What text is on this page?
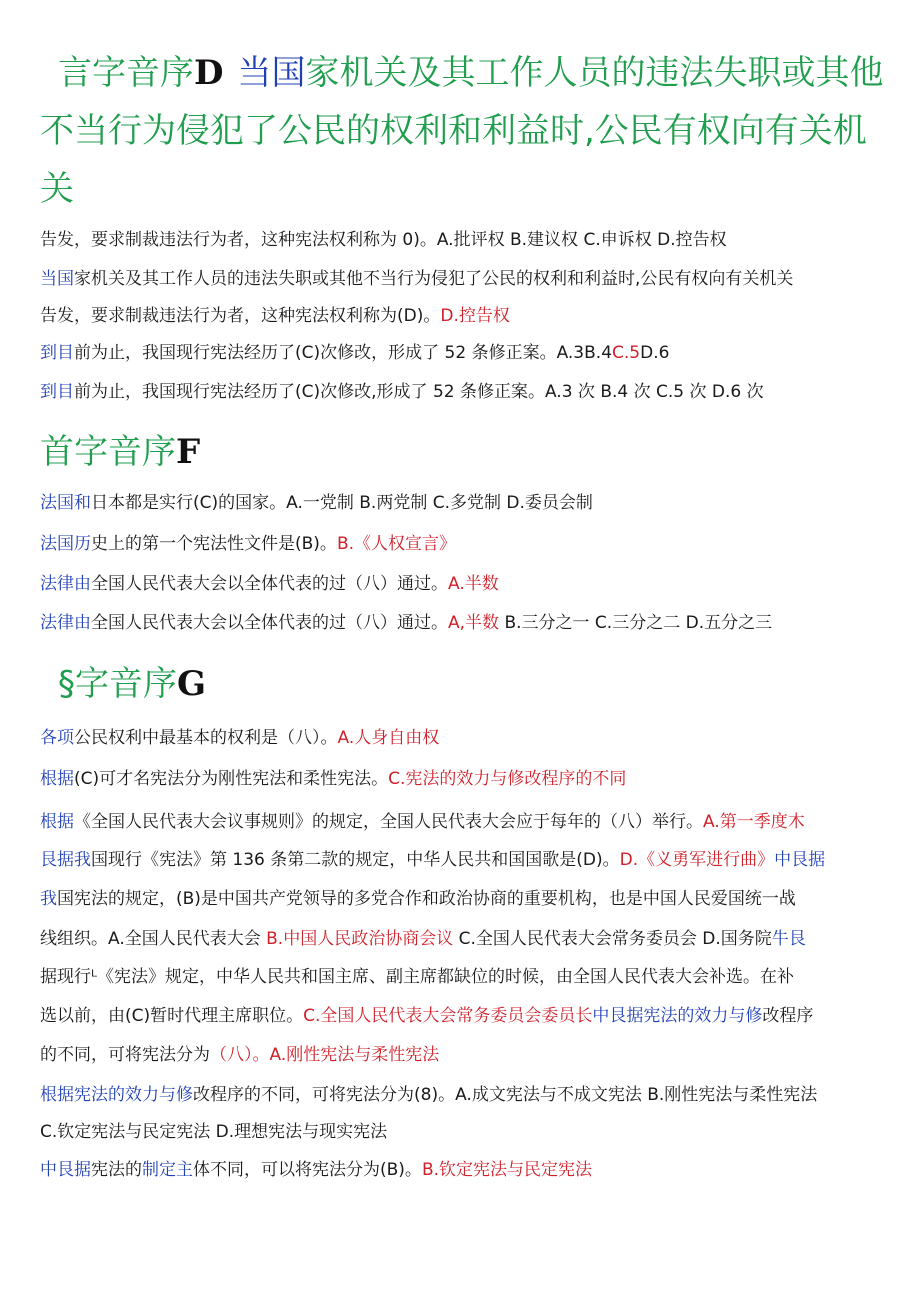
言字音序D 当国家机关及其工作人员的违法失职或其他不当行为侵犯了公民的权利和利益时,公民有权向有关机关
告发，要求制裁违法行为者，这种宪法权利称为 0)。A.批评权 B.建议权 C.申诉权 D.控告权
当国家机关及其工作人员的违法失职或其他不当行为侵犯了公民的权利和利益时,公民有权向有关机关
告发，要求制裁违法行为者，这种宪法权利称为(D)。D.控告权
到目前为止，我国现行宪法经历了(C)次修改，形成了 52 条修正案。A.3B.4C.5D.6
到目前为止，我国现行宪法经历了(C)次修改,形成了 52 条修正案。A.3 次 B.4 次 C.5 次 D.6 次
首字音序F
法国和日本都是实行(C)的国家。A.一党制 B.两党制 C.多党制 D.委员会制
法国历史上的第一个宪法性文件是(B)。B.《人权宣言》
法律由全国人民代表大会以全体代表的过（八）通过。A.半数
法律由全国人民代表大会以全体代表的过（八）通过。A,半数 B.三分之一 C.三分之二 D.五分之三
§字音序G
各项公民权利中最基本的权利是（八）。A.人身自由权
根据(C)可才名宪法分为刚性宪法和柔性宪法。C.宪法的效力与修改程序的不同
根据《全国人民代表大会议事规则》的规定，全国人民代表大会应于每年的（八）举行。A.第一季度木
艮据我国现行《宪法》第 136 条第二款的规定，中华人民共和国国歌是(D)。D.《义勇军进行曲》中艮据
我国宪法的规定，(B)是中国共产党领导的多党合作和政治协商的重要机构，也是中国人民爱国统一战
线组织。A.全国人民代表大会 B.中国人民政治协商会议 C.全国人民代表大会常务委员会 D.国务院牛艮
据现行ᴸ《宪法》规定，中华人民共和国主席、副主席都缺位的时候，由全国人民代表大会补选。在补
选以前，由(C)暂时代理主席职位。C.全国人民代表大会常务委员会委员长中艮据宪法的效力与修改程序
的不同，可将宪法分为（八）。A.刚性宪法与柔性宪法
根据宪法的效力与修改程序的不同，可将宪法分为(8)。A.成文宪法与不成文宪法 B.刚性宪法与柔性宪法
C.钦定宪法与民定宪法 D.理想宪法与现实宪法
中艮据宪法的制定主体不同，可以将宪法分为(B)。B.钦定宪法与民定宪法
